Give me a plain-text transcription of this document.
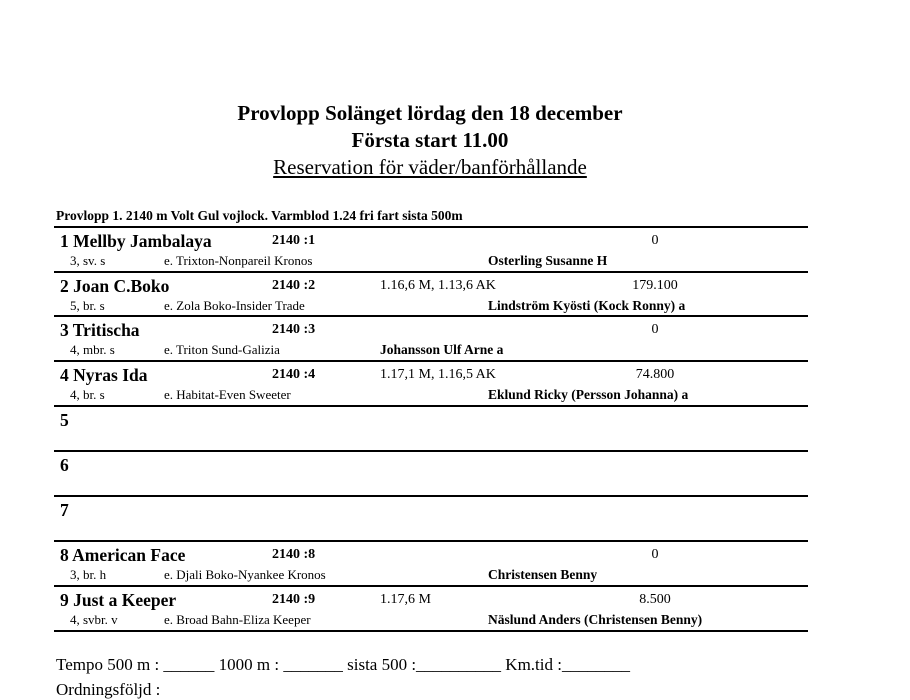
Provlopp Solänget lördag den 18 december
Första start 11.00
Reservation för väder/banförhållande
Provlopp 1. 2140 m Volt Gul vojlock. Varmblod 1.24 fri fart sista 500m
1 Mellby Jambalaya	2140 :1	0
3, sv. s	e. Trixton-Nonpareil Kronos	Osterling Susanne H
2 Joan C.Boko	2140 :2	1.16,6 M, 1.13,6 AK	179.100
5, br. s	e. Zola Boko-Insider Trade	Lindström Kyösti (Kock Ronny) a
3 Tritischa	2140 :3	0
4, mbr. s	e. Triton Sund-Galizia	Johansson Ulf Arne a
4 Nyras Ida	2140 :4	1.17,1 M, 1.16,5 AK	74.800
4, br. s	e. Habitat-Even Sweeter	Eklund Ricky (Persson Johanna) a
5
6
7
8 American Face	2140 :8	0
3, br. h	e. Djali Boko-Nyankee Kronos	Christensen Benny
9 Just a Keeper	2140 :9	1.17,6 M	8.500
4, svbr. v	e. Broad Bahn-Eliza Keeper	Näslund Anders (Christensen Benny)
Tempo 500 m : ______ 1000 m : _______ sista 500 :__________ Km.tid :________
Ordningsföljd :
